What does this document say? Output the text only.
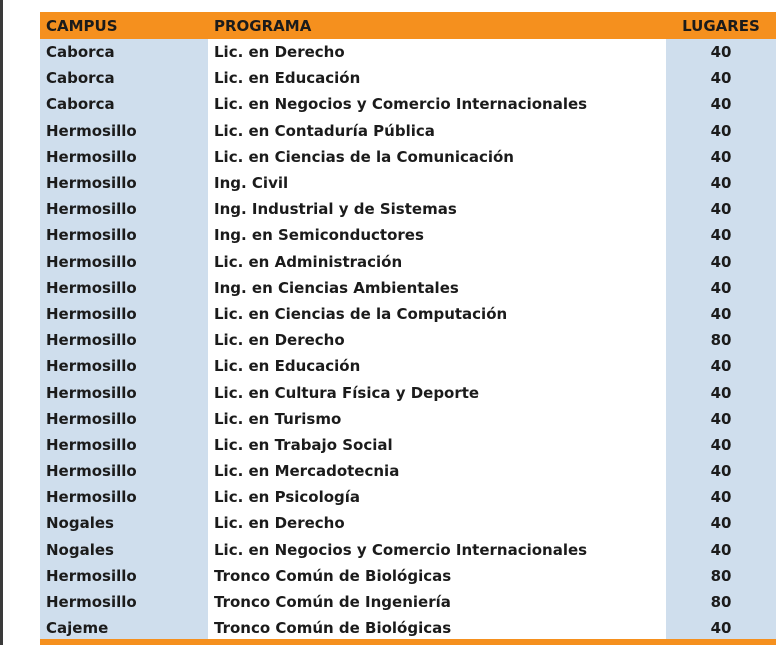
CAMPUS	PROGRAMA	LUGARES
Caborca	Lic. en Derecho	40
Caborca	Lic. en Educación	40
Caborca	Lic. en Negocios y Comercio Internacionales	40
Hermosillo	Lic. en Contaduría Pública	40
Hermosillo	Lic. en Ciencias de la Comunicación	40
Hermosillo	Ing. Civil	40
Hermosillo	Ing. Industrial y de Sistemas	40
Hermosillo	Ing. en Semiconductores	40
Hermosillo	Lic. en Administración	40
Hermosillo	Ing. en Ciencias Ambientales	40
Hermosillo	Lic. en Ciencias de la Computación	40
Hermosillo	Lic. en Derecho	80
Hermosillo	Lic. en Educación	40
Hermosillo	Lic. en Cultura Física y Deporte	40
Hermosillo	Lic. en Turismo	40
Hermosillo	Lic. en Trabajo Social	40
Hermosillo	Lic. en Mercadotecnia	40
Hermosillo	Lic. en Psicología	40
Nogales	Lic. en Derecho	40
Nogales	Lic. en Negocios y Comercio Internacionales	40
Hermosillo	Tronco Común de Biológicas	80
Hermosillo	Tronco Común de Ingeniería	80
Cajeme	Tronco Común de Biológicas	40
